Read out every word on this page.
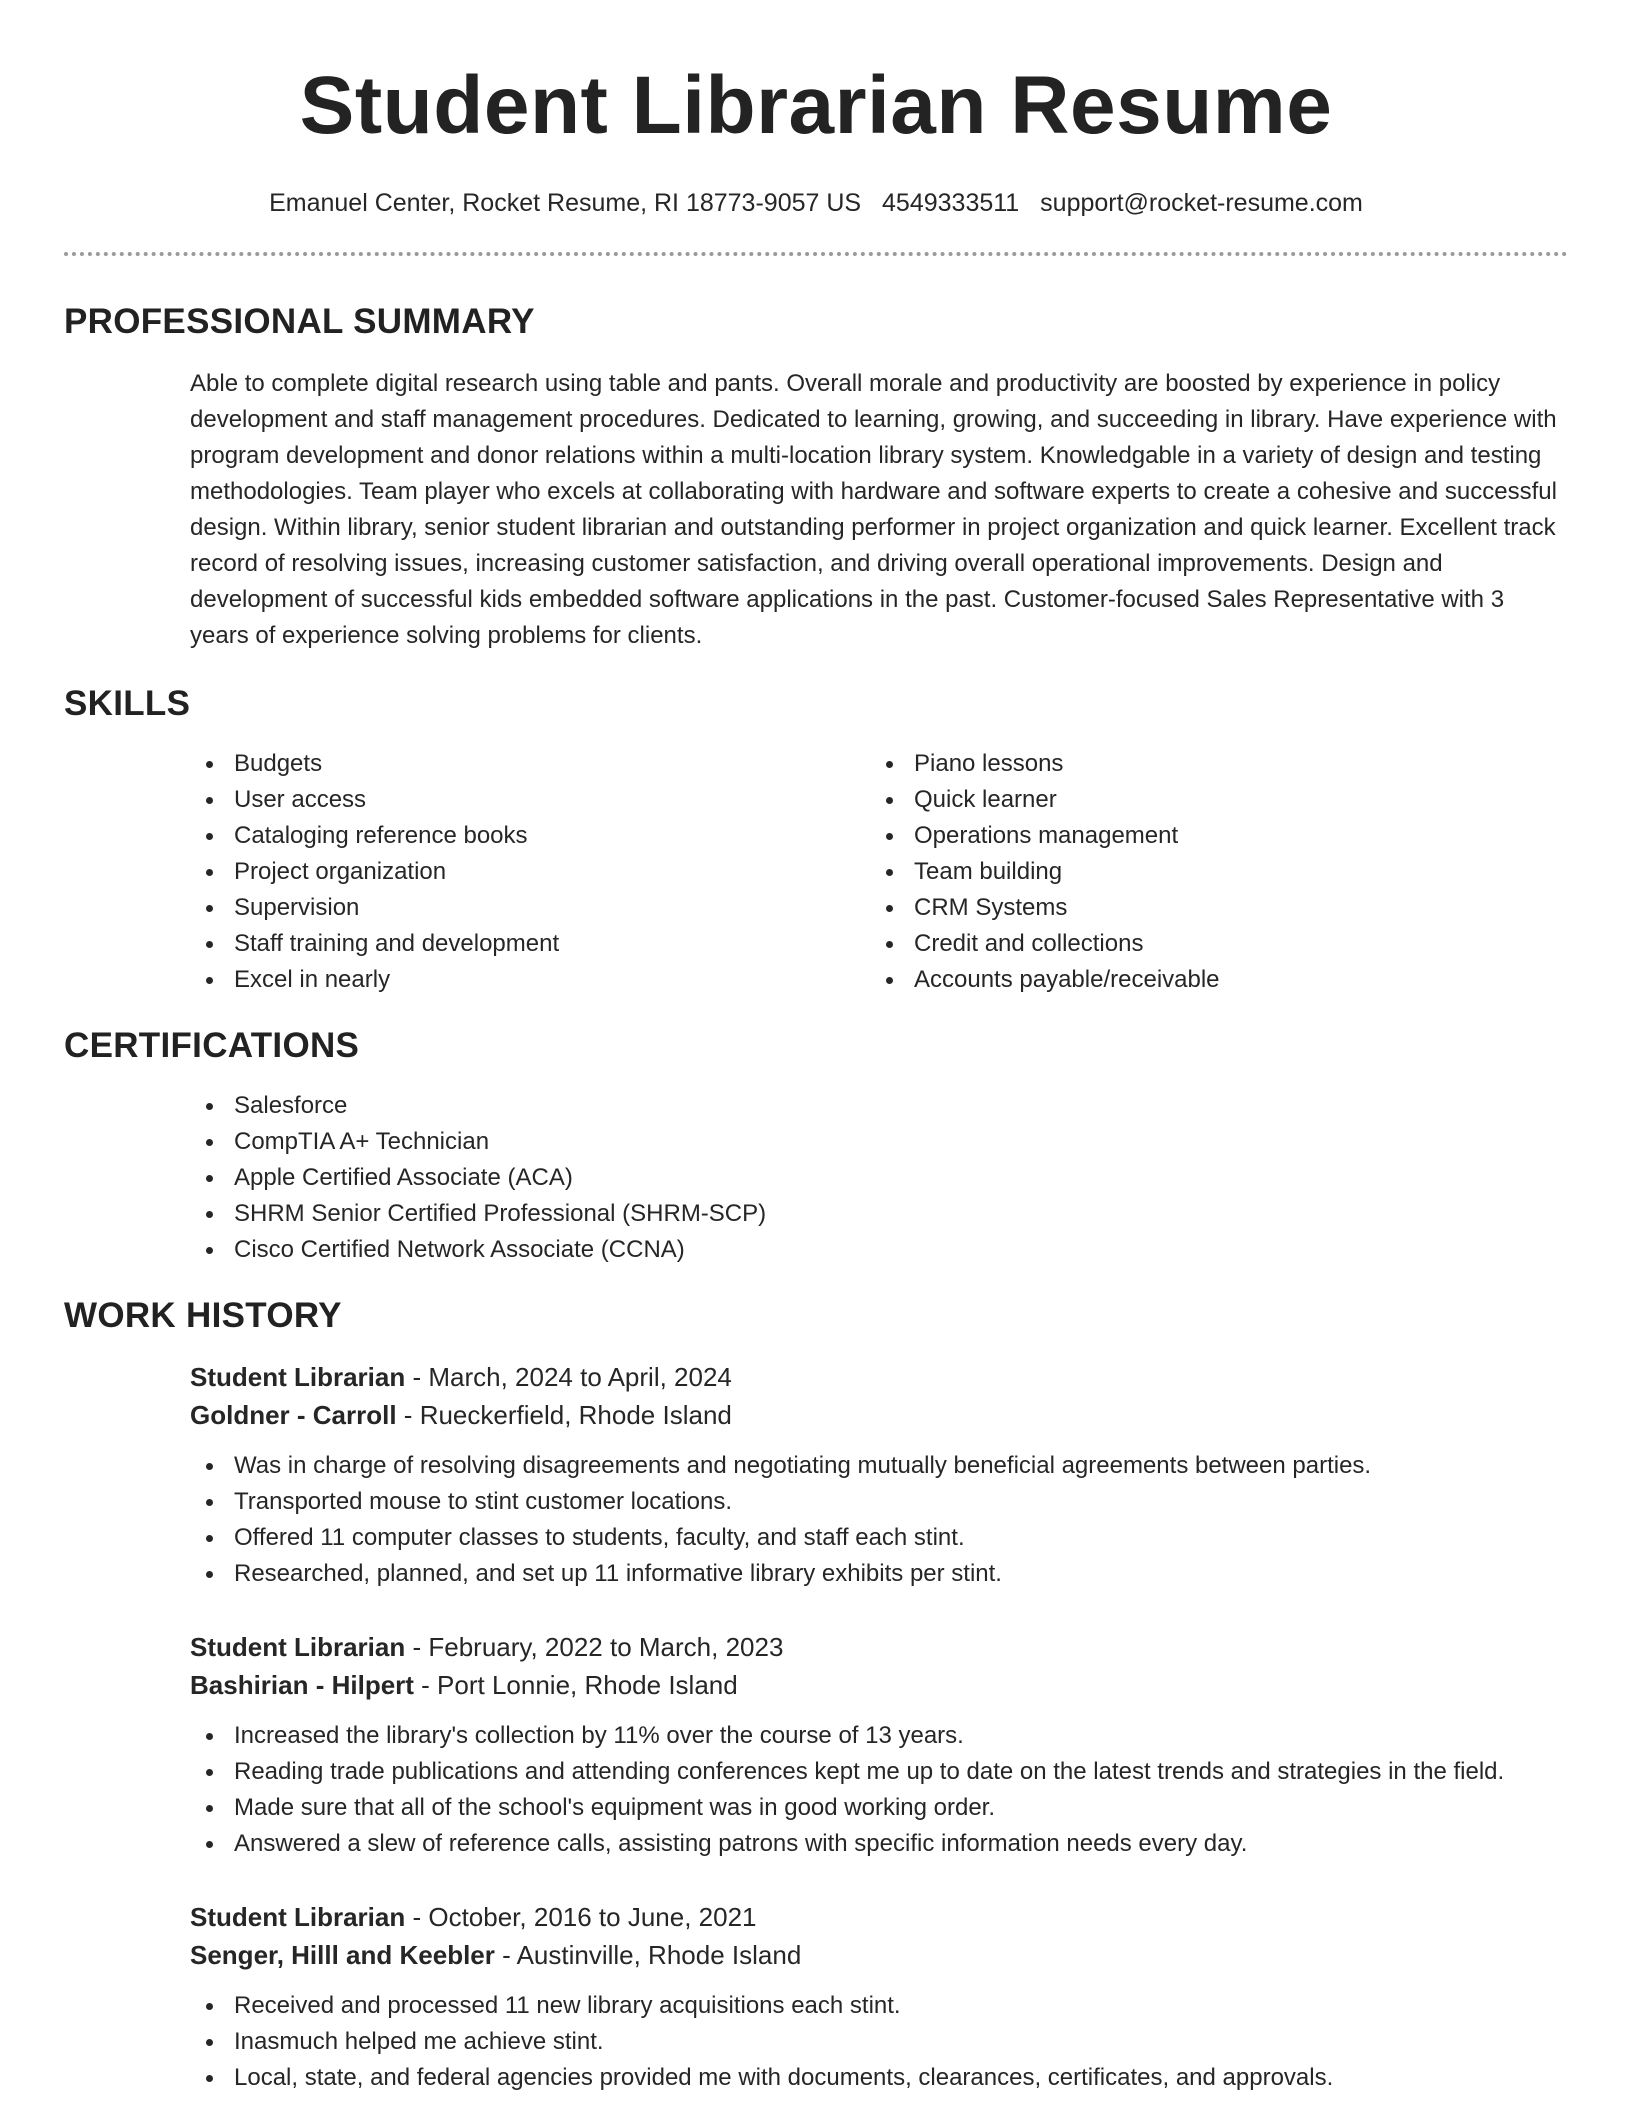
Student Librarian Resume
Emanuel Center, Rocket Resume, RI 18773-9057 US 4549333511 support@rocket-resume.com
PROFESSIONAL SUMMARY

Able to complete digital research using table and pants. Overall morale and productivity are boosted by experience in policy development and staff management procedures. Dedicated to learning, growing, and succeeding in library. Have experience with program development and donor relations within a multi-location library system. Knowledgable in a variety of design and testing methodologies. Team player who excels at collaborating with hardware and software experts to create a cohesive and successful design. Within library, senior student librarian and outstanding performer in project organization and quick learner. Excellent track record of resolving issues, increasing customer satisfaction, and driving overall operational improvements. Design and development of successful kids embedded software applications in the past. Customer-focused Sales Representative with 3 years of experience solving problems for clients.

SKILLS
Budgets
User access
Cataloging reference books
Project organization
Supervision
Staff training and development
Excel in nearly
Piano lessons
Quick learner
Operations management
Team building
CRM Systems
Credit and collections
Accounts payable/receivable
CERTIFICATIONS
Salesforce
CompTIA A+ Technician
Apple Certified Associate (ACA)
SHRM Senior Certified Professional (SHRM-SCP)
Cisco Certified Network Associate (CCNA)
WORK HISTORY
Student Librarian - March, 2024 to April, 2024
Goldner - Carroll - Rueckerfield, Rhode Island
Was in charge of resolving disagreements and negotiating mutually beneficial agreements between parties.
Transported mouse to stint customer locations.
Offered 11 computer classes to students, faculty, and staff each stint.
Researched, planned, and set up 11 informative library exhibits per stint.
Student Librarian - February, 2022 to March, 2023
Bashirian - Hilpert - Port Lonnie, Rhode Island
Increased the library's collection by 11% over the course of 13 years.
Reading trade publications and attending conferences kept me up to date on the latest trends and strategies in the field.
Made sure that all of the school's equipment was in good working order.
Answered a slew of reference calls, assisting patrons with specific information needs every day.
Student Librarian - October, 2016 to June, 2021
Senger, Hilll and Keebler - Austinville, Rhode Island
Received and processed 11 new library acquisitions each stint.
Inasmuch helped me achieve stint.
Local, state, and federal agencies provided me with documents, clearances, certificates, and approvals.
